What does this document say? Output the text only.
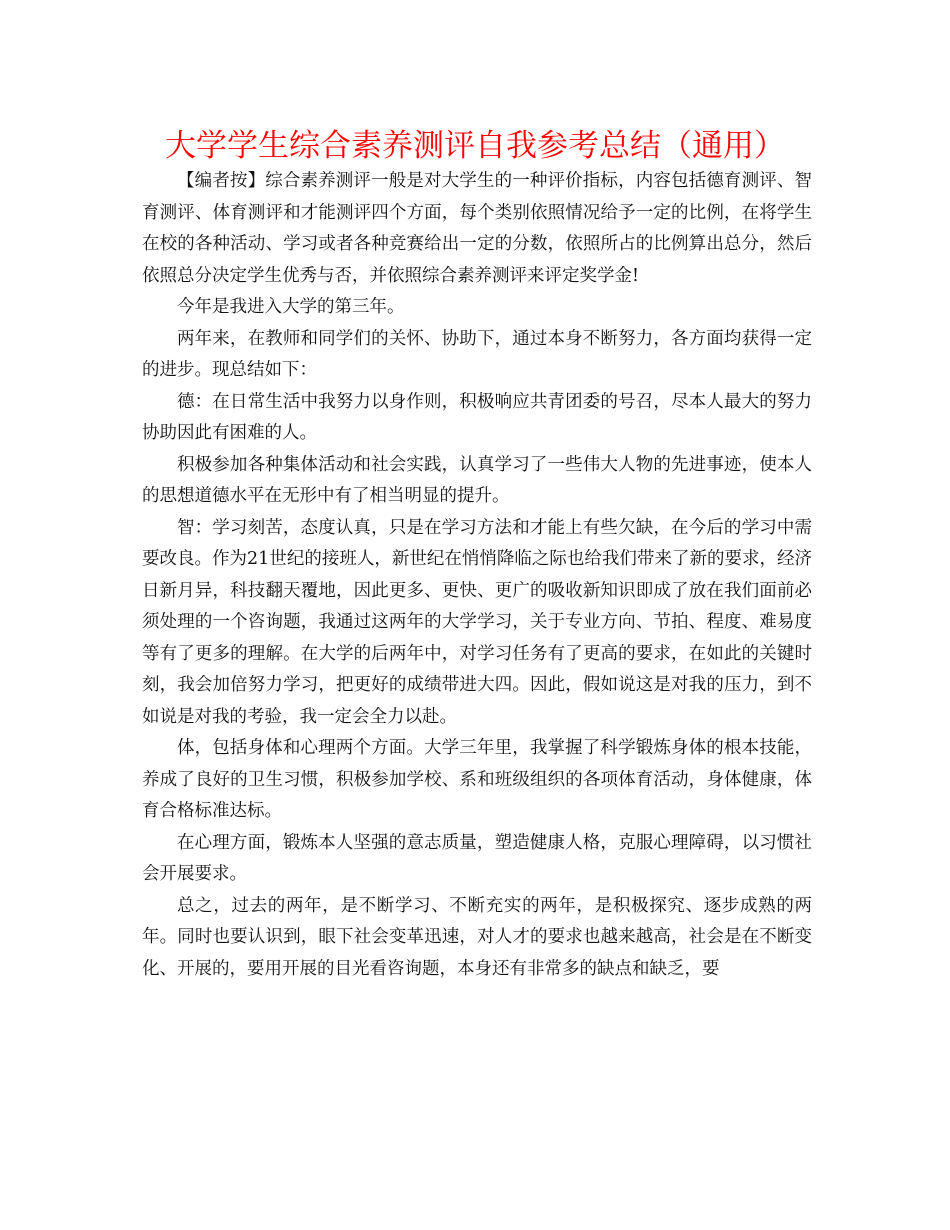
大学学生综合素养测评自我参考总结（通用）

【编者按】综合素养测评一般是对大学生的一种评价指标，内容包括德育测评、智育测评、体育测评和才能测评四个方面，每个类别依照情况给予一定的比例，在将学生在校的各种活动、学习或者各种竞赛给出一定的分数，依照所占的比例算出总分，然后依照总分决定学生优秀与否，并依照综合素养测评来评定奖学金!

今年是我进入大学的第三年。

两年来，在教师和同学们的关怀、协助下，通过本身不断努力，各方面均获得一定的进步。现总结如下：

德：在日常生活中我努力以身作则，积极响应共青团委的号召，尽本人最大的努力协助因此有困难的人。

积极参加各种集体活动和社会实践，认真学习了一些伟大人物的先进事迹，使本人的思想道德水平在无形中有了相当明显的提升。

智：学习刻苦，态度认真，只是在学习方法和才能上有些欠缺，在今后的学习中需要改良。作为21世纪的接班人，新世纪在悄悄降临之际也给我们带来了新的要求，经济日新月异，科技翻天覆地，因此更多、更快、更广的吸收新知识即成了放在我们面前必须处理的一个咨询题，我通过这两年的大学学习，关于专业方向、节拍、程度、难易度等有了更多的理解。在大学的后两年中，对学习任务有了更高的要求，在如此的关键时刻，我会加倍努力学习，把更好的成绩带进大四。因此，假如说这是对我的压力，到不如说是对我的考验，我一定会全力以赴。

体，包括身体和心理两个方面。大学三年里，我掌握了科学锻炼身体的根本技能，养成了良好的卫生习惯，积极参加学校、系和班级组织的各项体育活动，身体健康，体育合格标准达标。

在心理方面，锻炼本人坚强的意志质量，塑造健康人格，克服心理障碍，以习惯社会开展要求。

总之，过去的两年，是不断学习、不断充实的两年，是积极探究、逐步成熟的两年。同时也要认识到，眼下社会变革迅速，对人才的要求也越来越高，社会是在不断变化、开展的，要用开展的目光看咨询题，本身还有非常多的缺点和缺乏，要
